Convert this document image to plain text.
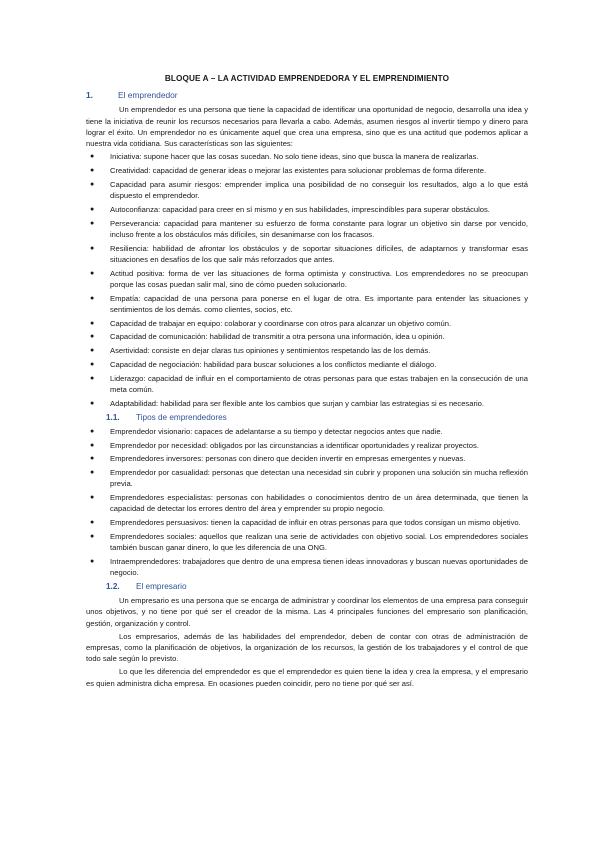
BLOQUE A – LA ACTIVIDAD EMPRENDEDORA Y EL EMPRENDIMIENTO
1.	El emprendedor

Un emprendedor es una persona que tiene la capacidad de identificar una oportunidad de negocio, desarrolla una idea y tiene la iniciativa de reunir los recursos necesarios para llevarla a cabo. Además, asumen riesgos al invertir tiempo y dinero para lograr el éxito. Un emprendedor no es únicamente aquel que crea una empresa, sino que es una actitud que podemos aplicar a nuestra vida cotidiana. Sus características son las siguientes:

● Iniciativa: supone hacer que las cosas sucedan. No solo tiene ideas, sino que busca la manera de realizarlas.
● Creatividad: capacidad de generar ideas o mejorar las existentes para solucionar problemas de forma diferente.
● Capacidad para asumir riesgos: emprender implica una posibilidad de no conseguir los resultados, algo a lo que está dispuesto el emprendedor.
● Autoconfianza: capacidad para creer en sí mismo y en sus habilidades, imprescindibles para superar obstáculos.
● Perseverancia: capacidad para mantener su esfuerzo de forma constante para lograr un objetivo sin darse por vencido, incluso frente a los obstáculos más difíciles, sin desanimarse con los fracasos.
● Resiliencia: habilidad de afrontar los obstáculos y de soportar situaciones difíciles, de adaptarnos y transformar esas situaciones en desafíos de los que salir más reforzados que antes.
● Actitud positiva: forma de ver las situaciones de forma optimista y constructiva. Los emprendedores no se preocupan porque las cosas puedan salir mal, sino de cómo pueden solucionarlo.
● Empatía: capacidad de una persona para ponerse en el lugar de otra. Es importante para entender las situaciones y sentimientos de los demás. como clientes, socios, etc.
● Capacidad de trabajar en equipo: colaborar y coordinarse con otros para alcanzar un objetivo común.
● Capacidad de comunicación: habilidad de transmitir a otra persona una información, idea u opinión.
● Asertividad: consiste en dejar claras tus opiniones y sentimientos respetando las de los demás.
● Capacidad de negociación: habilidad para buscar soluciones a los conflictos mediante el diálogo.
● Liderazgo: capacidad de influir en el comportamiento de otras personas para que estas trabajen en la consecución de una meta común.
● Adaptabilidad: habilidad para ser flexible ante los cambios que surjan y cambiar las estrategias si es necesario.
1.1.	Tipos de emprendedores
● Emprendedor visionario: capaces de adelantarse a su tiempo y detectar negocios antes que nadie.
● Emprendedor por necesidad: obligados por las circunstancias a identificar oportunidades y realizar proyectos.
● Emprendedores inversores: personas con dinero que deciden invertir en empresas emergentes y nuevas.
● Emprendedor por casualidad: personas que detectan una necesidad sin cubrir y proponen una solución sin mucha reflexión previa.
● Emprendedores especialistas: personas con habilidades o conocimientos dentro de un área determinada, que tienen la capacidad de detectar los errores dentro del área y emprender su propio negocio.
● Emprendedores persuasivos: tienen la capacidad de influir en otras personas para que todos consigan un mismo objetivo.
● Emprendedores sociales: aquellos que realizan una serie de actividades con objetivo social. Los emprendedores sociales también buscan ganar dinero, lo que les diferencia de una ONG.
● Intraemprendedores: trabajadores que dentro de una empresa tienen ideas innovadoras y buscan nuevas oportunidades de negocio.
1.2.	El empresario

Un empresario es una persona que se encarga de administrar y coordinar los elementos de una empresa para conseguir unos objetivos, y no tiene por qué ser el creador de la misma. Las 4 principales funciones del empresario son planificación, gestión, organización y control.

Los empresarios, además de las habilidades del emprendedor, deben de contar con otras de administración de empresas, como la planificación de objetivos, la organización de los recursos, la gestión de los trabajadores y el control de que todo sale según lo previsto.

Lo que les diferencia del emprendedor es que el emprendedor es quien tiene la idea y crea la empresa, y el empresario es quien administra dicha empresa. En ocasiones pueden coincidir, pero no tiene por qué ser así.
